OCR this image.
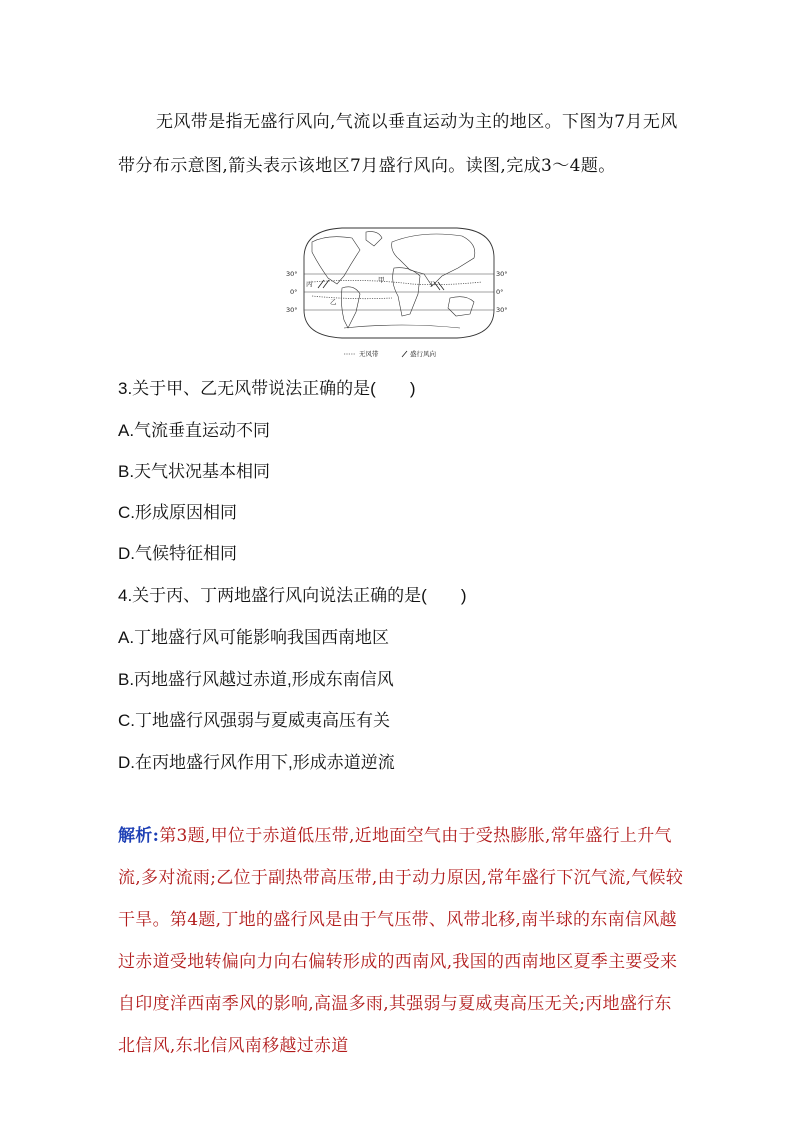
无风带是指无盛行风向,气流以垂直运动为主的地区。下图为7月无风带分布示意图,箭头表示该地区7月盛行风向。读图,完成3～4题。

30°
0°
30°
30°
0°
30°
丙	甲
乙
丁
无风带	盛行风向
3.关于甲、乙无风带说法正确的是(　　)
A.气流垂直运动不同
B.天气状况基本相同
C.形成原因相同
D.气候特征相同
4.关于丙、丁两地盛行风向说法正确的是(　　)
A.丁地盛行风可能影响我国西南地区
B.丙地盛行风越过赤道,形成东南信风
C.丁地盛行风强弱与夏威夷高压有关
D.在丙地盛行风作用下,形成赤道逆流

解析:第3题,甲位于赤道低压带,近地面空气由于受热膨胀,常年盛行上升气流,多对流雨;乙位于副热带高压带,由于动力原因,常年盛行下沉气流,气候较干旱。第4题,丁地的盛行风是由于气压带、风带北移,南半球的东南信风越过赤道受地转偏向力向右偏转形成的西南风,我国的西南地区夏季主要受来自印度洋西南季风的影响,高温多雨,其强弱与夏威夷高压无关;丙地盛行东北信风,东北信风南移越过赤道
